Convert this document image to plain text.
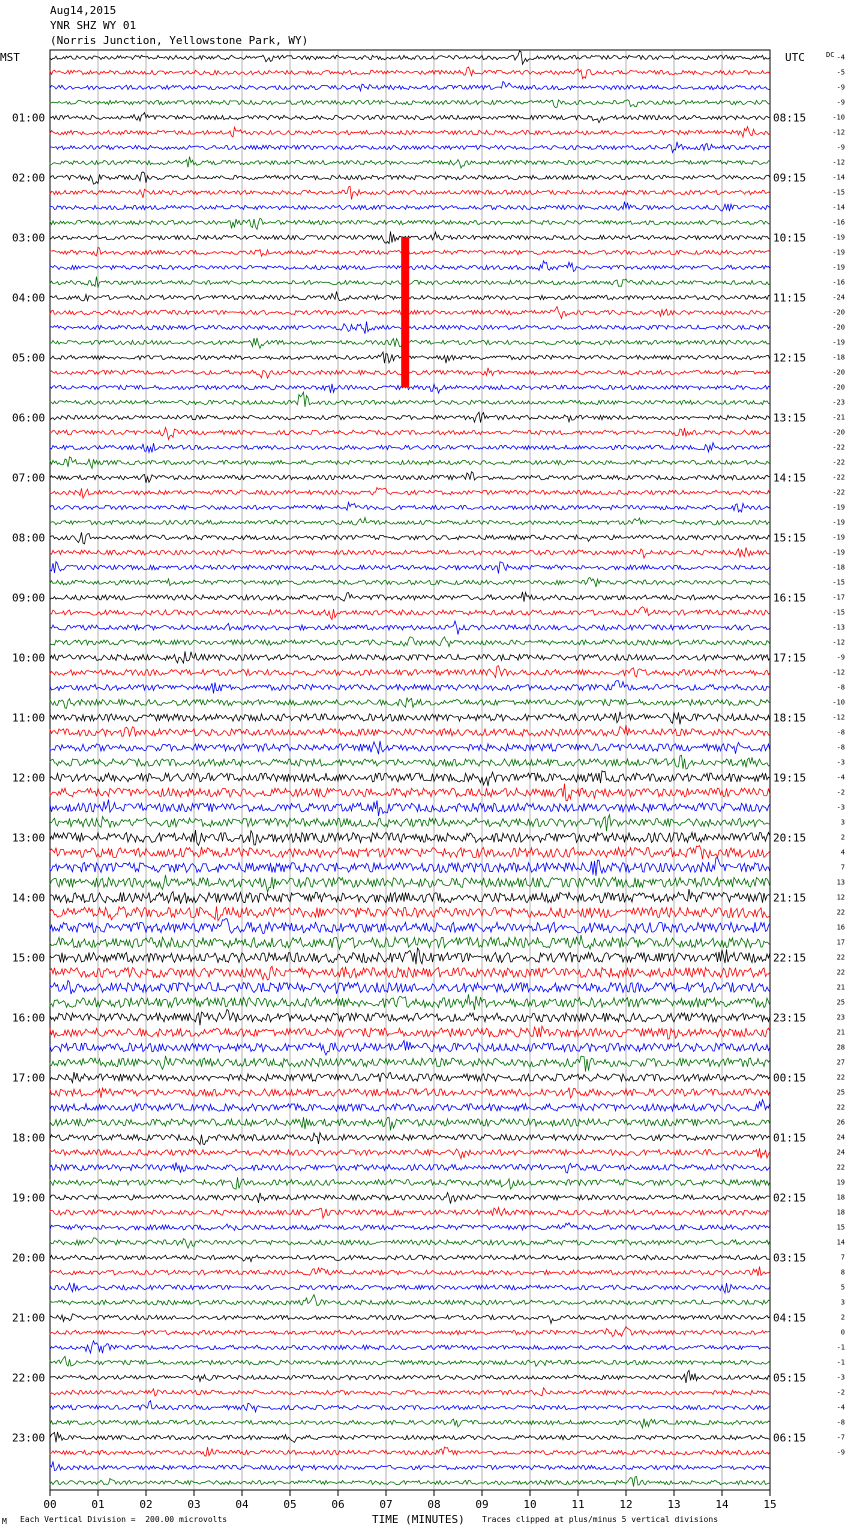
Aug14,2015
YNR SHZ WY 01
(Norris Junction, Yellowstone Park, WY)
MST	UTC	DC
01:00
02:00
03:00
04:00
05:00
06:00
07:00
08:00
09:00
10:00
11:00
12:00
13:00
14:00
15:00
16:00
17:00
18:00
19:00
20:00
21:00
22:00
23:00
08:15
09:15
10:15
11:15
12:15
13:15
14:15
15:15
16:15
17:15
18:15
19:15
20:15
21:15
22:15
23:15
00:15
01:15
02:15
03:15
04:15
05:15
06:15
-4
-5
-9
-9
-10
-12
-9
-12
-14
-15
-14
-16
-19
-19
-19
-16
-24
-20
-20
-19
-18
-20
-20
-23
-21
-20
-22
-22
-22
-22
-19
-19
-19
-19
-18
-15
-17
-15
-13
-12
-9
-12
-8
-10
-12
-8
-8
-3
-4
-2
-3
3
2
4
7
13
12
22
16
17
22
22
21
25
23
21
28
27
22
25
22
26
24
24
22
19
18
18
15
14
7
8
5
3
2
0
-1
-1
-3
-2
-4
-8
-7
-9
00	01	02	03	04	05	06	07	08	09	10	11	12	13	14	15
TIME (MINUTES)
M Each Vertical Division =  200.00 microvolts	Traces clipped at plus/minus 5 vertical divisions
